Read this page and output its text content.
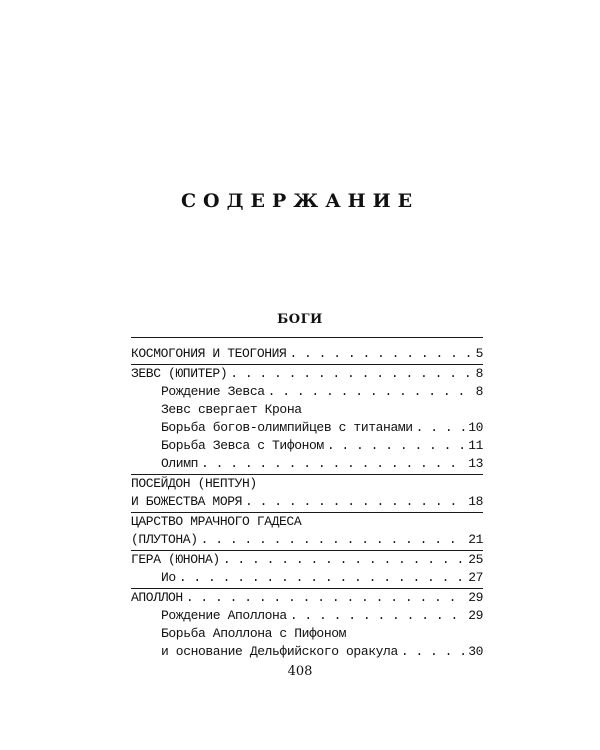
СОДЕРЖАНИЕ
БОГИ
КОСМОГОНИЯ И ТЕОГОНИЯ . . .	5
ЗЕВС (ЮПИТЕР) . . .	8
Рождение Зевса . . .	8
Зевс свергает Крона
Борьба богов-олимпийцев с титанами . . .	10
Борьба Зевса с Тифоном . . .	11
Олимп . . .	13
ПОСЕЙДОН (НЕПТУН)
И БОЖЕСТВА МОРЯ . . .	18
ЦАРСТВО МРАЧНОГО ГАДЕСА
(ПЛУТОНА) . . .	21
ГЕРА (ЮНОНА) . . .	25
Ио . . .	27
АПОЛЛОН . . .	29
Рождение Аполлона . . .	29
Борьба Аполлона с Пифоном
и основание Дельфийского оракула . . .	30
408
